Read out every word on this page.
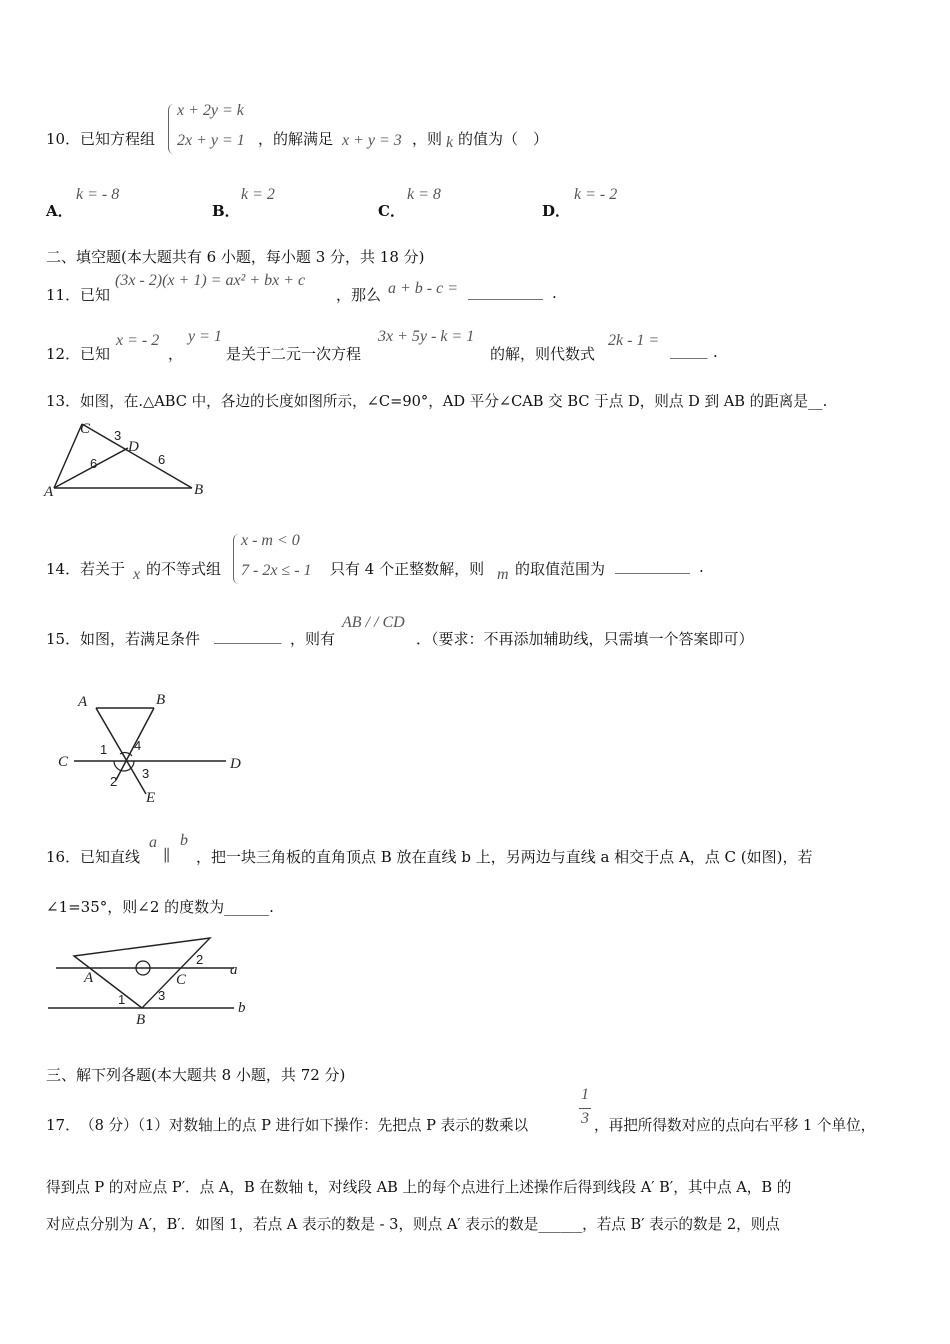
10． 已知方程组
x + 2y = k
2x + y = 1 ，的解满足 x + y = 3 ，则 k 的值为（　）
A．
k = - 8
B．
k = 2
C．
k = 8
D．
k = - 2
二、填空题(本大题共有 6 小题，每小题 3 分，共 18 分)
11． 已知
(3x - 2)(x + 1) = ax² + bx + c
，那么 a + b - c = __________ .
12． 已知
x = - 2
，
y = 1
是关于二元一次方程
3x + 5y - k = 1
的解，则代数式
2k - 1 =
_____ .
13． 如图，在.△ABC 中，各边的长度如图所示，∠C=90°，AD 平分∠CAB 交 BC 于点 D，则点 D 到 AB 的距离是__.
C
D
A	B
3
6	6
14． 若关于 x 的不等式组
x - m < 0
7 - 2x ≤ - 1 只有 4 个正整数解，则 m 的取值范围为 __________ .
15． 如图，若满足条件 _________ ，则有
AB / / CD
．（要求：不再添加辅助线，只需填一个答案即可）
A	B
C	D
E
1
2
3
4
16． 已知直线
a
∥
b
，把一块三角板的直角顶点 B 放在直线 b 上，另两边与直线 a 相交于点 A，点 C (如图)，若
∠1=35°，则∠2 的度数为______.
a
b
A
B
C
1
2
3
三、解下列各题(本大题共 8 小题，共 72 分)
17． （8 分）（1）对数轴上的点 P 进行如下操作：先把点 P 表示的数乘以
1
3 ，再把所得数对应的点向右平移 1 个单位，
得到点 P 的对应点 P′．点 A，B 在数轴 t，对线段 AB 上的每个点进行上述操作后得到线段 A′ B′，其中点 A，B 的
对应点分别为 A′，B′．如图 1，若点 A 表示的数是 - 3，则点 A′ 表示的数是______，若点 B′ 表示的数是 2，则点
